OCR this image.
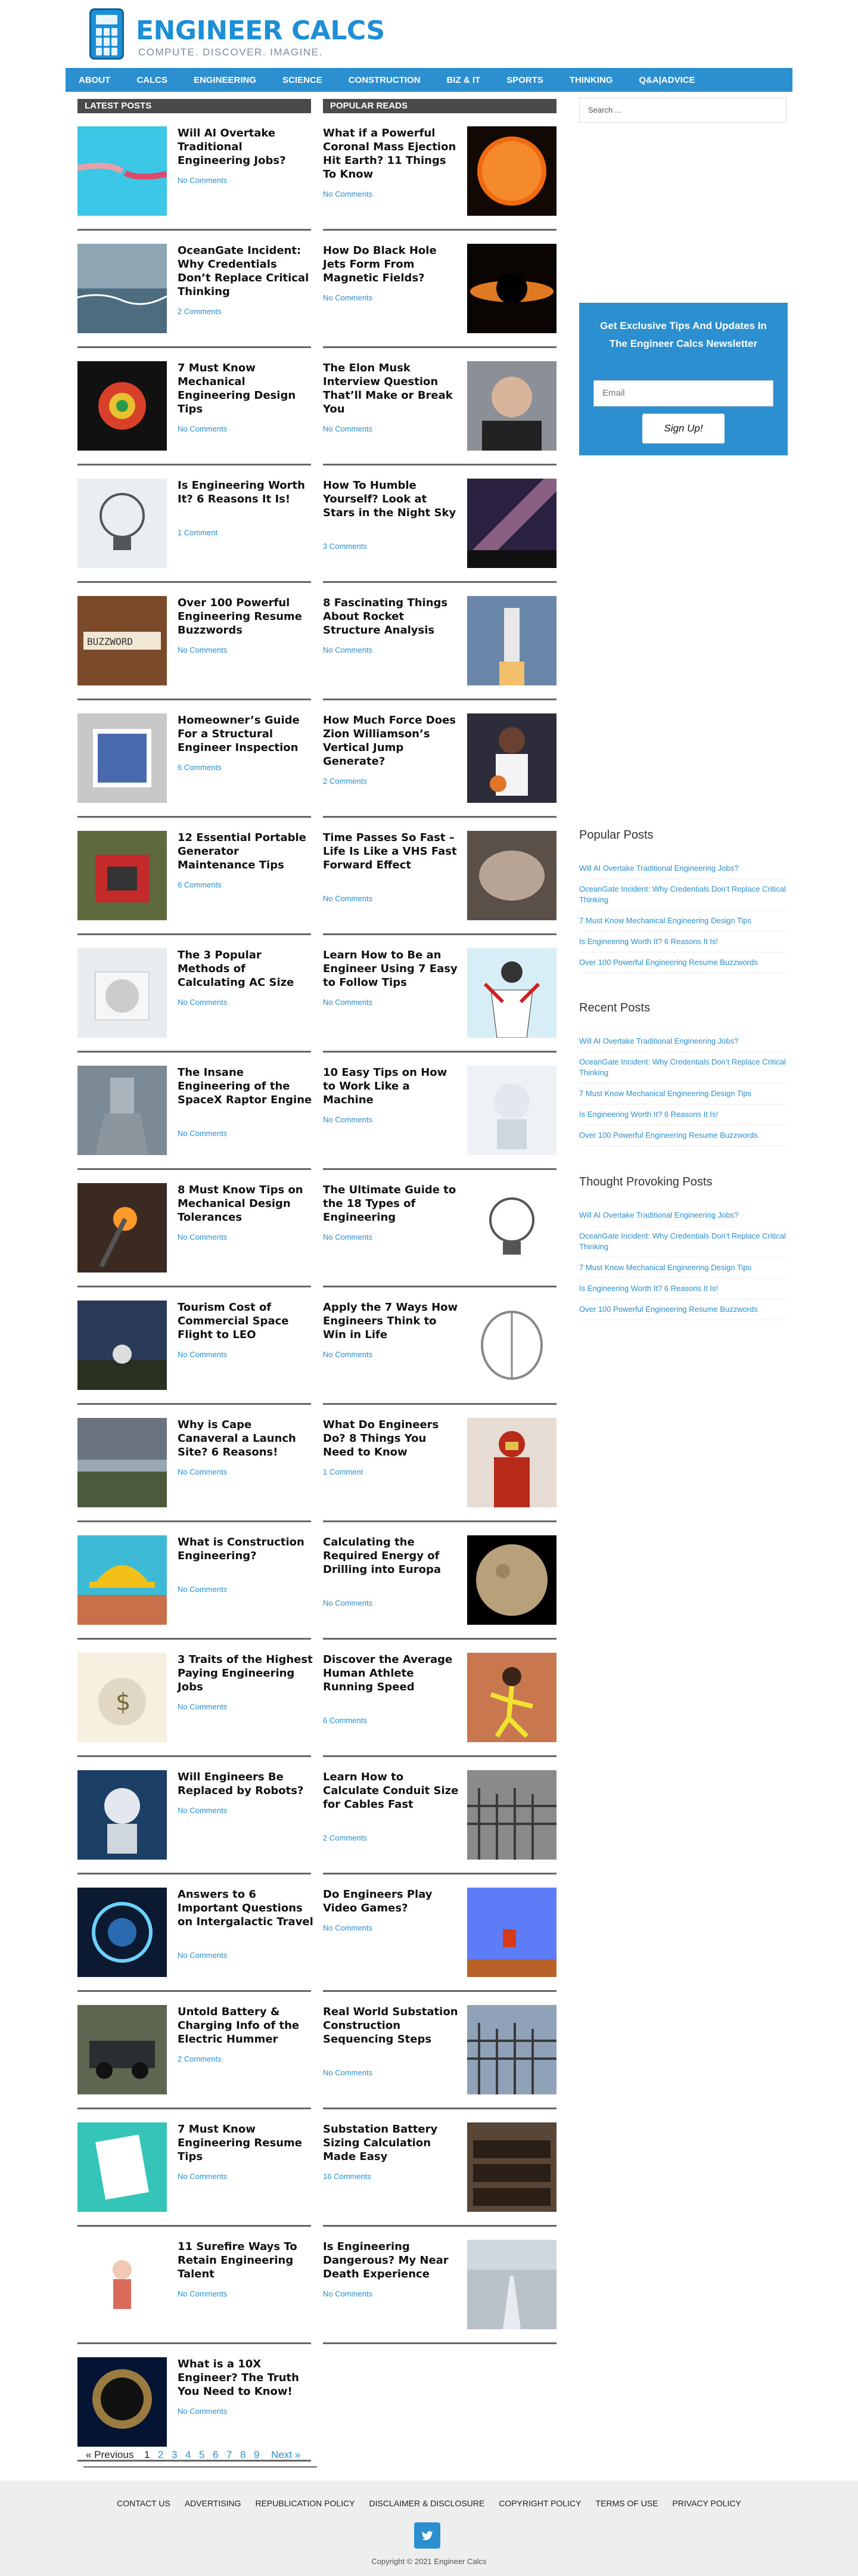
ENGINEER CALCS
COMPUTE. DISCOVER. IMAGINE.
ABOUT	CALCS	ENGINEERING	SCIENCE	CONSTRUCTION	BIZ & IT	SPORTS	THINKING	Q&A|ADVICE
LATEST POSTS	POPULAR READS
Will AI Overtake Traditional Engineering Jobs?
No Comments
OceanGate Incident: Why Credentials Don’t Replace Critical Thinking
2 Comments
7 Must Know Mechanical Engineering Design Tips
No Comments
Is Engineering Worth It? 6 Reasons It Is!
1 Comment
BUZZWORD
Over 100 Powerful Engineering Resume Buzzwords
No Comments
Homeowner’s Guide For a Structural Engineer Inspection
6 Comments
12 Essential Portable Generator Maintenance Tips
6 Comments
The 3 Popular Methods of Calculating AC Size
No Comments
The Insane Engineering of the SpaceX Raptor Engine
No Comments
8 Must Know Tips on Mechanical Design Tolerances
No Comments
Tourism Cost of Commercial Space Flight to LEO
No Comments
Why is Cape Canaveral a Launch Site? 6 Reasons!
No Comments
What is Construction Engineering?
No Comments
$
3 Traits of the Highest Paying Engineering Jobs
No Comments
Will Engineers Be Replaced by Robots?
No Comments
Answers to 6 Important Questions on Intergalactic Travel
No Comments
Untold Battery & Charging Info of the Electric Hummer
2 Comments
7 Must Know Engineering Resume Tips
No Comments
11 Surefire Ways To Retain Engineering Talent
No Comments
What is a 10X Engineer? The Truth You Need to Know!
No Comments
What if a Powerful Coronal Mass Ejection Hit Earth? 11 Things To Know
No Comments
How Do Black Hole Jets Form From Magnetic Fields?
No Comments
The Elon Musk Interview Question That’ll Make or Break You
No Comments
How To Humble Yourself? Look at Stars in the Night Sky
3 Comments
8 Fascinating Things About Rocket Structure Analysis
No Comments
How Much Force Does Zion Williamson’s Vertical Jump Generate?
2 Comments
Time Passes So Fast – Life Is Like a VHS Fast Forward Effect
No Comments
Learn How to Be an Engineer Using 7 Easy to Follow Tips
No Comments
10 Easy Tips on How to Work Like a Machine
No Comments
The Ultimate Guide to the 18 Types of Engineering
No Comments
Apply the 7 Ways How Engineers Think to Win in Life
No Comments
What Do Engineers Do? 8 Things You Need to Know
1 Comment
Calculating the Required Energy of Drilling into Europa
No Comments
Discover the Average Human Athlete Running Speed
6 Comments
Learn How to Calculate Conduit Size for Cables Fast
2 Comments
Do Engineers Play Video Games?
No Comments
Real World Substation Construction Sequencing Steps
No Comments
Substation Battery Sizing Calculation Made Easy
16 Comments
Is Engineering Dangerous? My Near Death Experience
No Comments
Search ...
Get Exclusive Tips And Updates In The Engineer Calcs Newsletter
Email
Sign Up!
Popular Posts
Will AI Overtake Traditional Engineering Jobs?
OceanGate Incident: Why Credentials Don’t Replace Critical Thinking
7 Must Know Mechanical Engineering Design Tips
Is Engineering Worth It? 6 Reasons It Is!
Over 100 Powerful Engineering Resume Buzzwords
Recent Posts
Will AI Overtake Traditional Engineering Jobs?
OceanGate Incident: Why Credentials Don’t Replace Critical Thinking
7 Must Know Mechanical Engineering Design Tips
Is Engineering Worth It? 6 Reasons It Is!
Over 100 Powerful Engineering Resume Buzzwords
Thought Provoking Posts
Will AI Overtake Traditional Engineering Jobs?
OceanGate Incident: Why Credentials Don’t Replace Critical Thinking
7 Must Know Mechanical Engineering Design Tips
Is Engineering Worth It? 6 Reasons It Is!
Over 100 Powerful Engineering Resume Buzzwords
« Previous 1 2 3 4 5 6 7 8 9 Next »
CONTACT US ADVERTISING REPUBLICATION POLICY DISCLAIMER & DISCLOSURE COPYRIGHT POLICY TERMS OF USE PRIVACY POLICY
Copyright © 2021 Engineer Calcs
